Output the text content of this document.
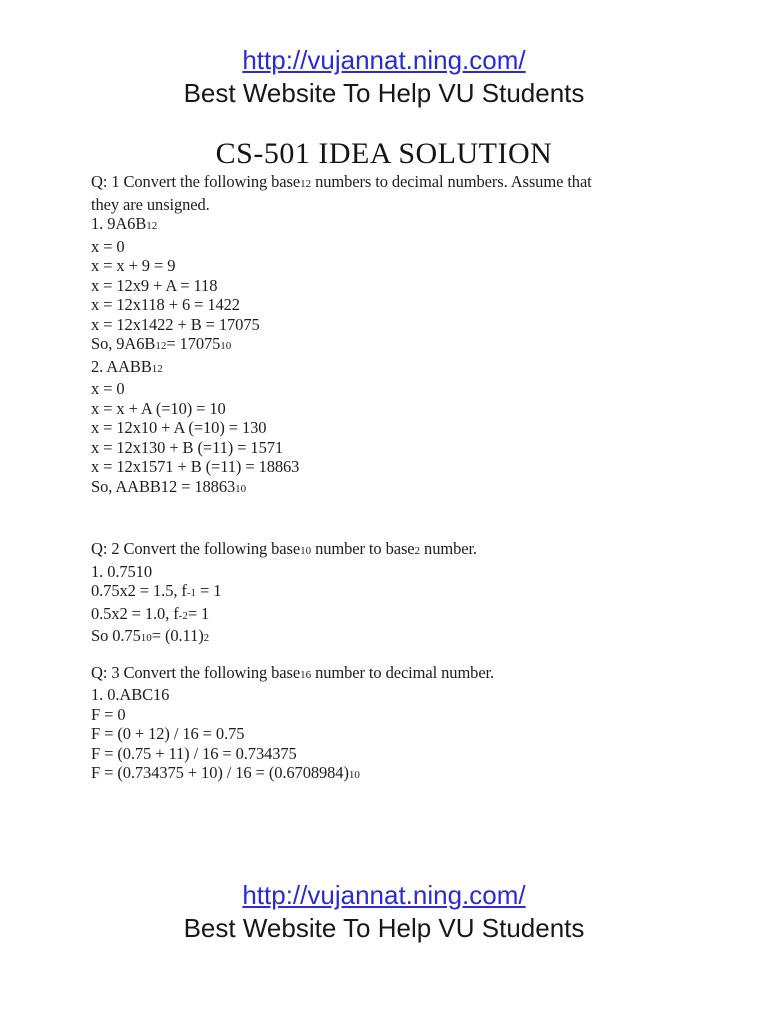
http://vujannat.ning.com/
Best Website To Help VU Students
CS-501 IDEA SOLUTION
Q: 1 Convert the following base12 numbers to decimal numbers. Assume that
they are unsigned.
1. 9A6B12
x = 0
x = x + 9 = 9
x = 12x9 + A = 118
x = 12x118 + 6 = 1422
x = 12x1422 + B = 17075
So, 9A6B12= 1707510
2. AABB12
x = 0
x = x + A (=10) = 10
x = 12x10 + A (=10) = 130
x = 12x130 + B (=11) = 1571
x = 12x1571 + B (=11) = 18863
So, AABB12 = 1886310
Q: 2 Convert the following base10 number to base2 number.
1. 0.7510
0.75x2 = 1.5, f-1 = 1
0.5x2 = 1.0, f-2= 1
So 0.7510= (0.11)2
Q: 3 Convert the following base16 number to decimal number.
1. 0.ABC16
F = 0
F = (0 + 12) / 16 = 0.75
F = (0.75 + 11) / 16 = 0.734375
F = (0.734375 + 10) / 16 = (0.6708984)10
http://vujannat.ning.com/
Best Website To Help VU Students
